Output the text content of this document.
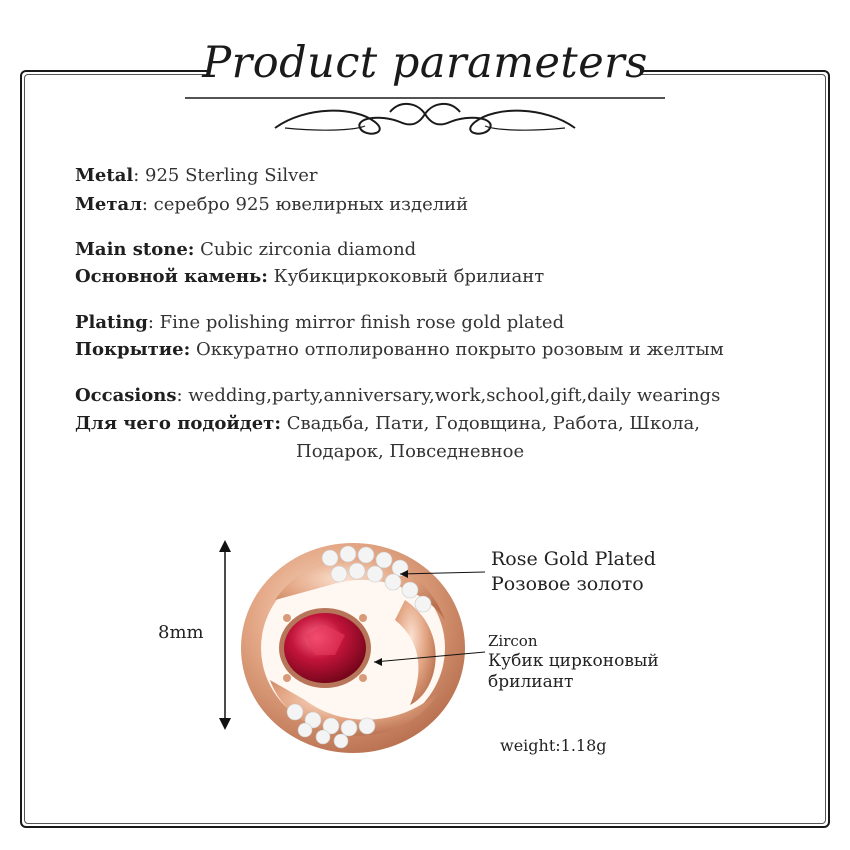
Product parameters
Metal: 925 Sterling Silver
Метал: серебро 925 ювелирных изделий
Main stone: Cubic zirconia diamond
Основной камень: Кубикциркоковый брилиант
Plating: Fine polishing mirror finish rose gold plated
Покрытие: Оккуратно отполированно покрыто розовым и желтым
Occasions: wedding,party,anniversary,work,school,gift,daily wearings
Для чего подойдет: Свадьба, Пати, Годовщина, Работа, Школа,
Подарок, Повседневное
8mm
Rose Gold Plated
Розовое золото
Zircon
Кубик цирконовый
брилиант
weight:1.18g
